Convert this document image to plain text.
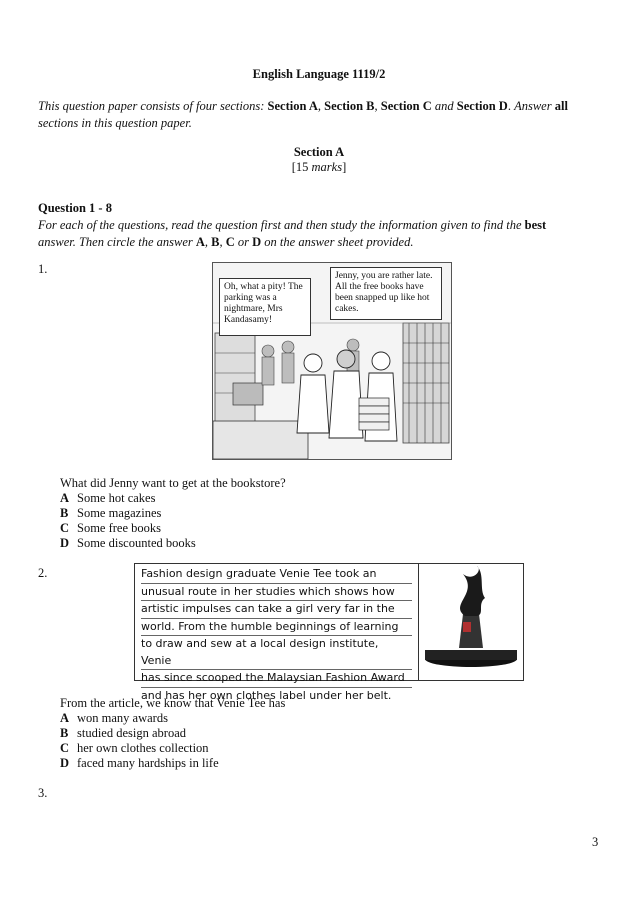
English Language 1119/2
This question paper consists of four sections: Section A, Section B, Section C and Section D. Answer all
sections in this question paper.
Section A
[15 marks]
Question 1 - 8
For each of the questions, read the question first and then study the information given to find the best
answer. Then circle the answer A, B, C or D on the answer sheet provided.
1.
Oh, what a pity! The parking was a nightmare, Mrs Kandasamy!
Jenny, you are rather late. All the free books have been snapped up like hot cakes.
What did Jenny want to get at the bookstore?
A Some hot cakes
B Some magazines
C Some free books
D Some discounted books
2.	Fashion design graduate Venie Tee took an
unusual route in her studies which shows how
artistic impulses can take a girl very far in the
world. From the humble beginnings of learning
to draw and sew at a local design institute, Venie
has since scooped the Malaysian Fashion Award
and has her own clothes label under her belt.
From the article, we know that Venie Tee has
A won many awards
B studied design abroad
C her own clothes collection
D faced many hardships in life
3.
3
